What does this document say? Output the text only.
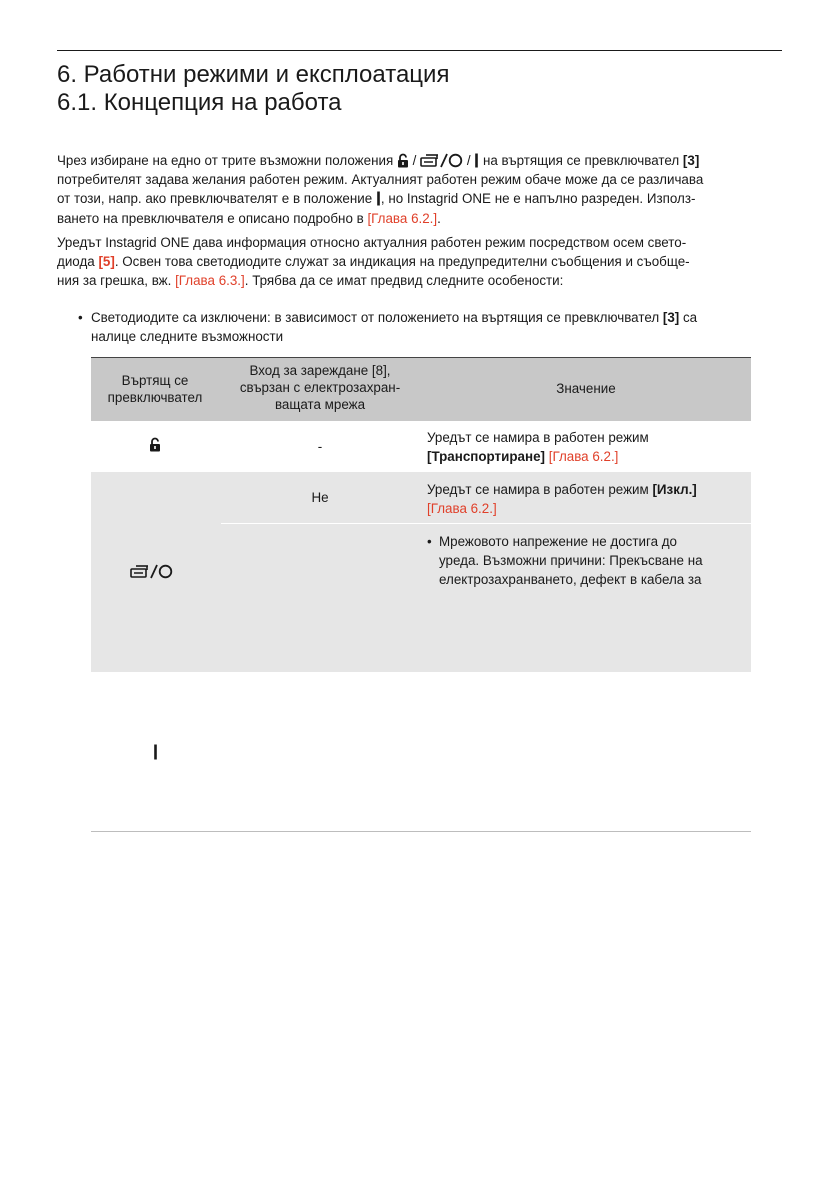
6. Работни режими и експлоатация
6.1. Концепция на работа
Чрез избиране на едно от трите възможни положения  /	/  на въртящия се превключвател [3]
потребителят задава желания работен режим. Актуалният работен режим обаче може да се различава
от този, напр. ако превключвателят е в положение , но Instagrid ONE не е напълно разреден. Използ-
ването на превключвателя е описано подробно в [Глава 6.2.].
Уредът Instagrid ONE дава информация относно актуалния работен режим посредством осем свето-
диода [5]. Освен това светодиодите служат за индикация на предупредителни съобщения и съобще-
ния за грешка, вж. [Глава 6.3.]. Трябва да се имат предвид следните особености:
• Светодиодите са изключени: в зависимост от положението на въртящия се превключвател [3] са
налице следните възможности
Въртящ се
превключвател
Вход за зареждане [8],
свързан с електрозахран-
ващата мрежа
Значение
-
Уредът се намира в работен режим
[Транспортиране] [Глава 6.2.]
Не
Уредът се намира в работен режим [Изкл.]
[Глава 6.2.]
• Мрежовото напрежение не достига до
уреда. Възможни причини: Прекъсване на
електрозахранването, дефект в кабела за
